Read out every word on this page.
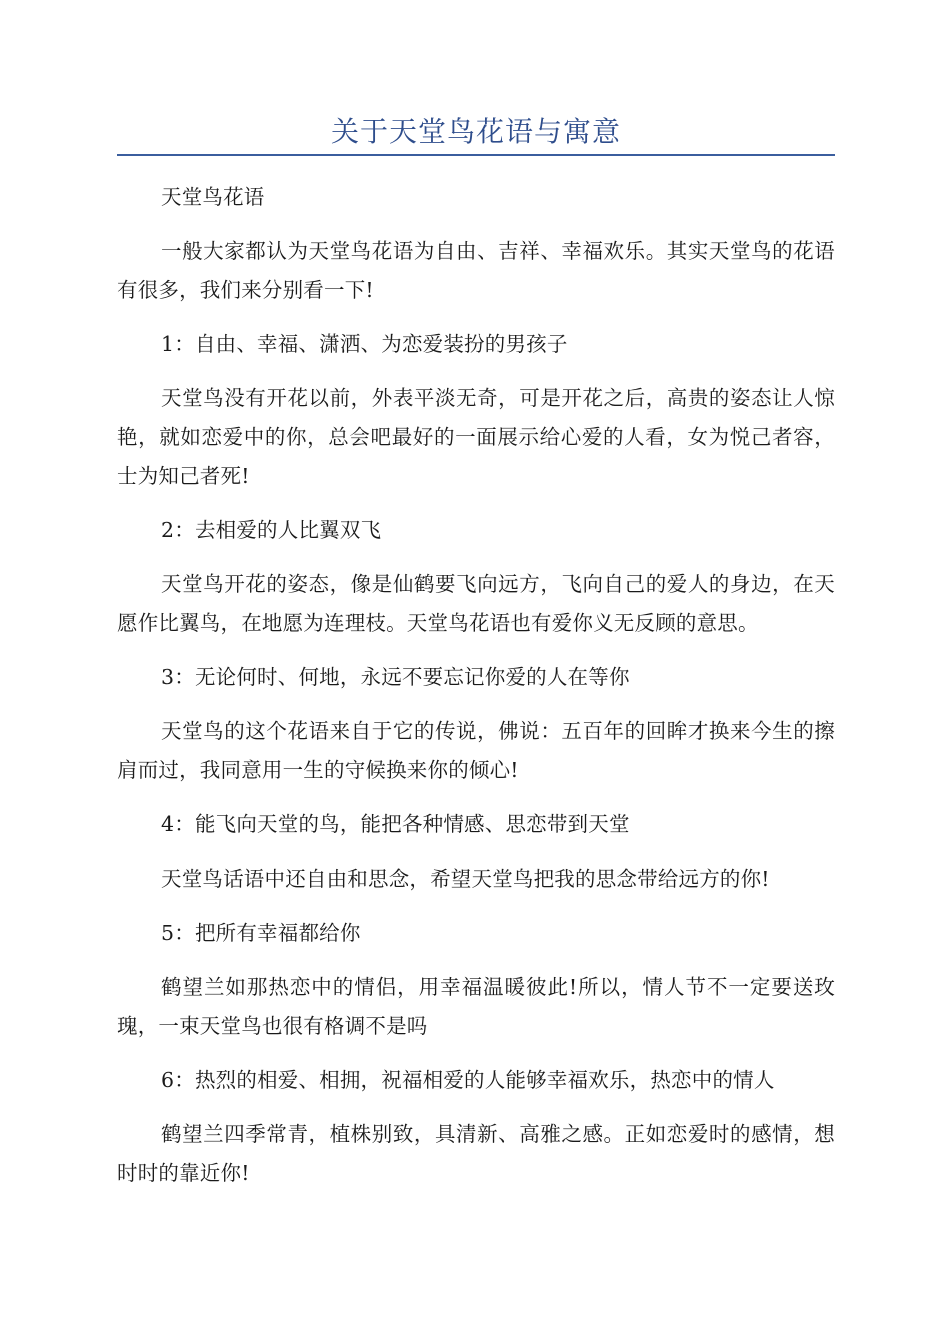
关于天堂鸟花语与寓意

天堂鸟花语

一般大家都认为天堂鸟花语为自由、吉祥、幸福欢乐。其实天堂鸟的花语有很多，我们来分别看一下!

1：自由、幸福、潇洒、为恋爱装扮的男孩子

天堂鸟没有开花以前，外表平淡无奇，可是开花之后，高贵的姿态让人惊艳，就如恋爱中的你，总会吧最好的一面展示给心爱的人看，女为悦己者容，士为知己者死!

2：去相爱的人比翼双飞

天堂鸟开花的姿态，像是仙鹤要飞向远方，飞向自己的爱人的身边，在天愿作比翼鸟，在地愿为连理枝。天堂鸟花语也有爱你义无反顾的意思。

3：无论何时、何地，永远不要忘记你爱的人在等你

天堂鸟的这个花语来自于它的传说，佛说：五百年的回眸才换来今生的擦肩而过，我同意用一生的守候换来你的倾心!

4：能飞向天堂的鸟，能把各种情感、思恋带到天堂

天堂鸟话语中还自由和思念，希望天堂鸟把我的思念带给远方的你!

5：把所有幸福都给你

鹤望兰如那热恋中的情侣，用幸福温暖彼此!所以，情人节不一定要送玫瑰，一束天堂鸟也很有格调不是吗

6：热烈的相爱、相拥，祝福相爱的人能够幸福欢乐，热恋中的情人

鹤望兰四季常青，植株别致，具清新、高雅之感。正如恋爱时的感情，想时时的靠近你!
